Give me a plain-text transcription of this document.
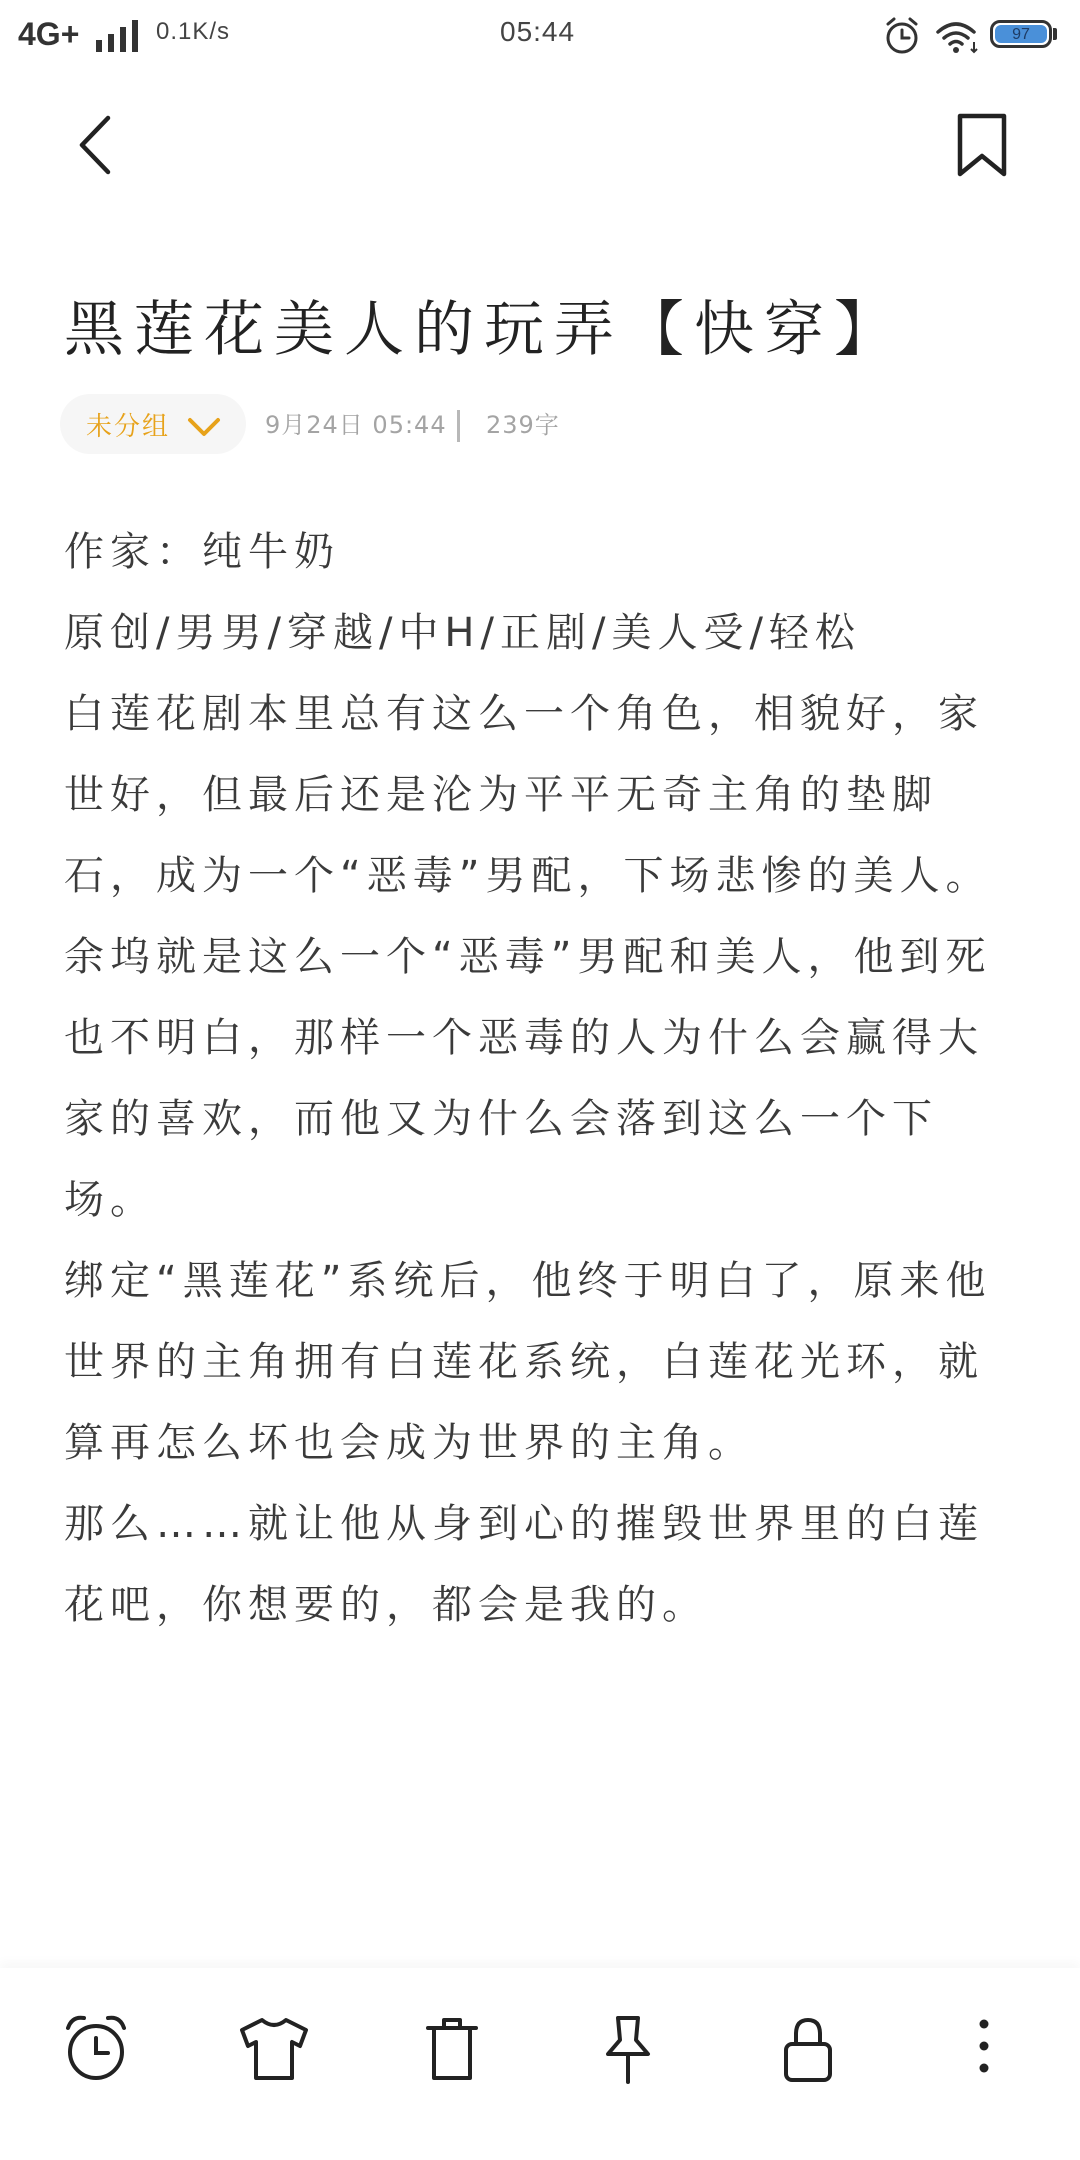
4G+	0.1K/s	05:44	97
黑莲花美人的玩弄【快穿】
未分组	9月24日 05:44 239字

作家：纯牛奶

原创/男男/穿越/中H/正剧/美人受/轻松

白莲花剧本里总有这么一个角色，相貌好，家世好，但最后还是沦为平平无奇主角的垫脚石，成为一个“恶毒”男配，下场悲惨的美人。

余坞就是这么一个“恶毒”男配和美人，他到死也不明白，那样一个恶毒的人为什么会赢得大家的喜欢，而他又为什么会落到这么一个下场。

绑定“黑莲花”系统后，他终于明白了，原来他世界的主角拥有白莲花系统，白莲花光环，就算再怎么坏也会成为世界的主角。

那么……就让他从身到心的摧毁世界里的白莲花吧，你想要的，都会是我的。
